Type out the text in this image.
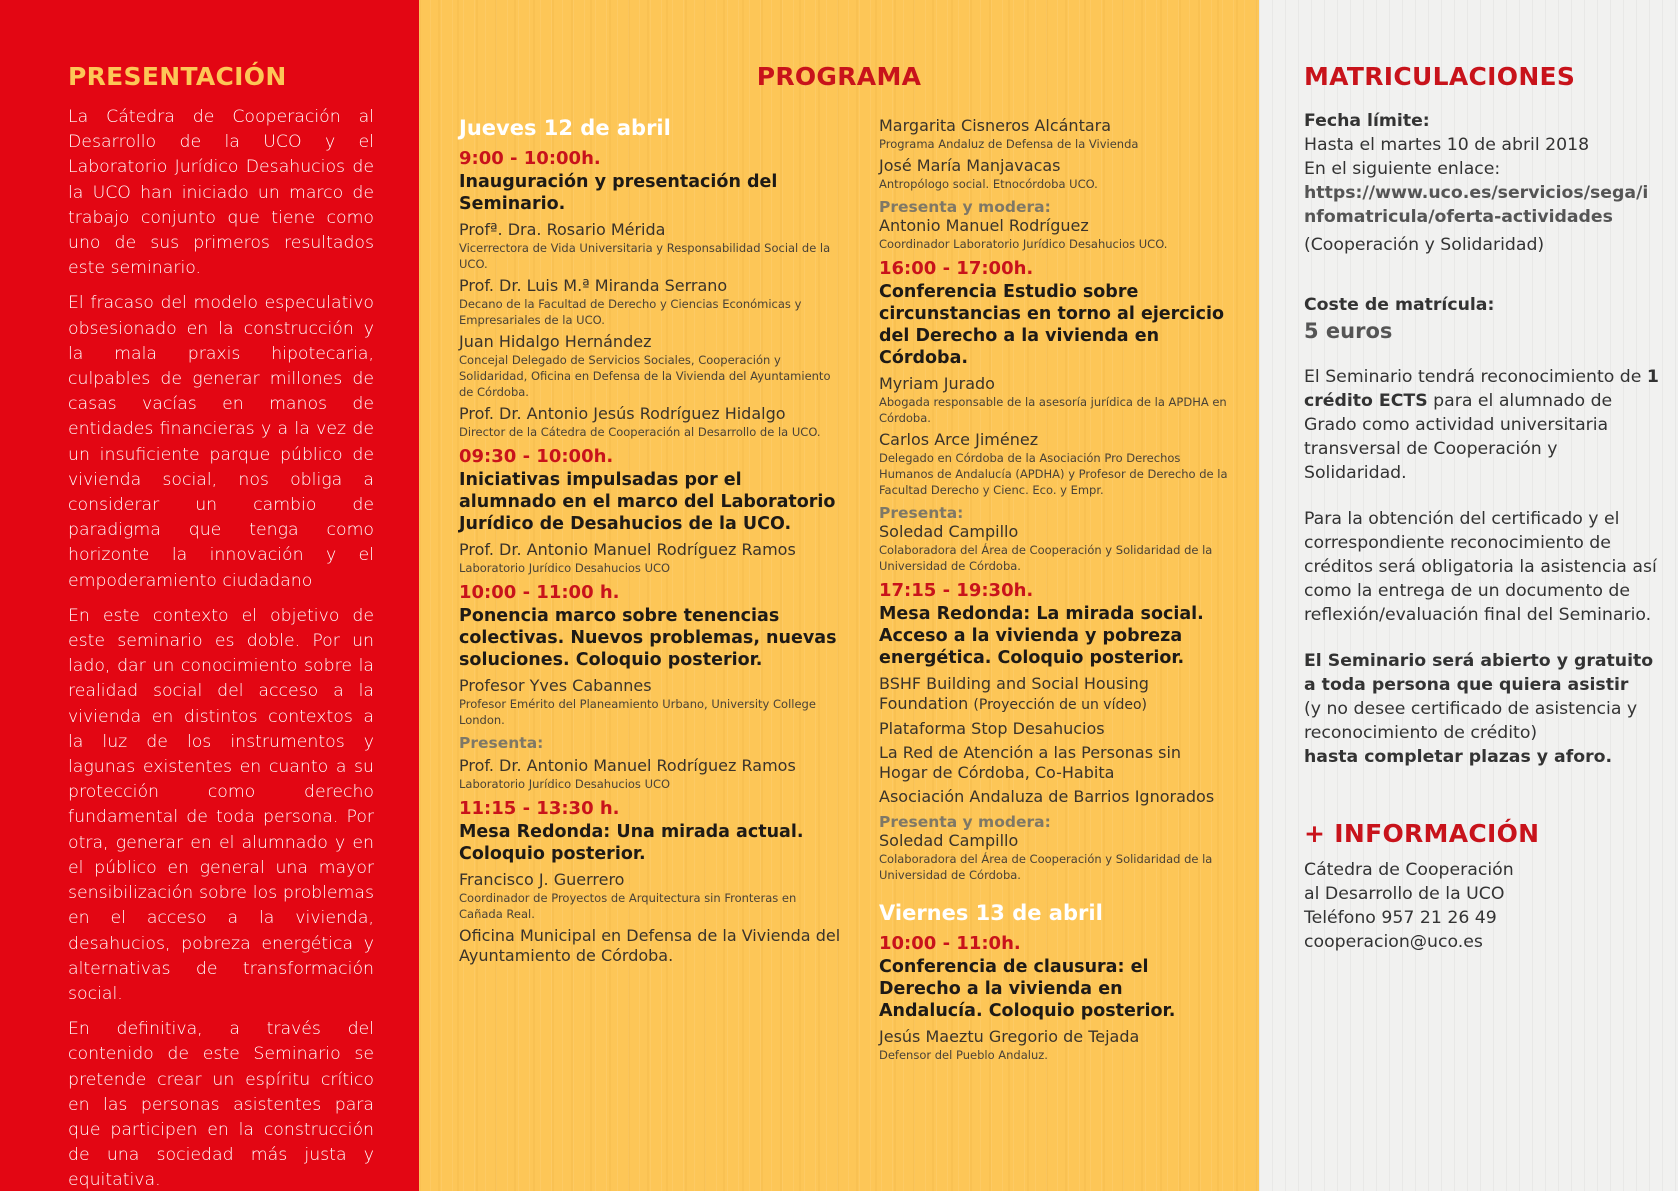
PRESENTACIÓN

La Cátedra de Cooperación al Desarrollo de la UCO y el Laboratorio Jurídico Desahucios de la UCO han iniciado un marco de trabajo conjunto que tiene como uno de sus primeros resultados este seminario.

El fracaso del modelo especulativo obsesionado en la construcción y la mala praxis hipotecaria, culpables de generar millones de casas vacías en manos de entidades financieras y a la vez de un insuficiente parque público de vivienda social, nos obliga a considerar un cambio de paradigma que tenga como horizonte la innovación y el empoderamiento ciudadano

En este contexto el objetivo de este seminario es doble. Por un lado, dar un conocimiento sobre la realidad social del acceso a la vivienda en distintos contextos a la luz de los instrumentos y lagunas existentes en cuanto a su protección como derecho fundamental de toda persona. Por otra, generar en el alumnado y en el público en general una mayor sensibilización sobre los problemas en el acceso a la vivienda, desahucios, pobreza energética y alternativas de transformación social.

En definitiva, a través del contenido de este Seminario se pretende crear un espíritu crítico en las personas asistentes para que participen en la construcción de una sociedad más justa y equitativa.

PROGRAMA
Jueves 12 de abril
9:00 - 10:00h.
Inauguración y presentación del Seminario.
Profª. Dra. Rosario Mérida
Vicerrectora de Vida Universitaria y Responsabilidad Social de la UCO.
Prof. Dr. Luis M.ª Miranda Serrano
Decano de la Facultad de Derecho y Ciencias Económicas y Empresariales de la UCO.
Juan Hidalgo Hernández
Concejal Delegado de Servicios Sociales, Cooperación y Solidaridad, Oficina en Defensa de la Vivienda del Ayuntamiento de Córdoba.
Prof. Dr. Antonio Jesús Rodríguez Hidalgo
Director de la Cátedra de Cooperación al Desarrollo de la UCO.
09:30 - 10:00h.
Iniciativas impulsadas por el alumnado en el marco del Laboratorio Jurídico de Desahucios de la UCO.
Prof. Dr. Antonio Manuel Rodríguez Ramos
Laboratorio Jurídico Desahucios UCO
10:00 - 11:00 h.
Ponencia marco sobre tenencias colectivas. Nuevos problemas, nuevas soluciones. Coloquio posterior.
Profesor Yves Cabannes
Profesor Emérito del Planeamiento Urbano, University College London.
Presenta:
Prof. Dr. Antonio Manuel Rodríguez Ramos
Laboratorio Jurídico Desahucios UCO
11:15 - 13:30 h.
Mesa Redonda: Una mirada actual. Coloquio posterior.
Francisco J. Guerrero
Coordinador de Proyectos de Arquitectura sin Fronteras en Cañada Real.
Oficina Municipal en Defensa de la Vivienda del Ayuntamiento de Córdoba.
Margarita Cisneros Alcántara
Programa Andaluz de Defensa de la Vivienda
José María Manjavacas
Antropólogo social. Etnocórdoba UCO.
Presenta y modera:
Antonio Manuel Rodríguez
Coordinador Laboratorio Jurídico Desahucios UCO.
16:00 - 17:00h.
Conferencia Estudio sobre circunstancias en torno al ejercicio del Derecho a la vivienda en Córdoba.
Myriam Jurado
Abogada responsable de la asesoría jurídica de la APDHA en Córdoba.
Carlos Arce Jiménez
Delegado en Córdoba de la Asociación Pro Derechos Humanos de Andalucía (APDHA) y Profesor de Derecho de la Facultad Derecho y Cienc. Eco. y Empr.
Presenta:
Soledad Campillo
Colaboradora del Área de Cooperación y Solidaridad de la Universidad de Córdoba.
17:15 - 19:30h.
Mesa Redonda: La mirada social. Acceso a la vivienda y pobreza energética. Coloquio posterior.
BSHF Building and Social Housing Foundation (Proyección de un vídeo)
Plataforma Stop Desahucios
La Red de Atención a las Personas sin Hogar de Córdoba, Co-Habita
Asociación Andaluza de Barrios Ignorados
Presenta y modera:
Soledad Campillo
Colaboradora del Área de Cooperación y Solidaridad de la Universidad de Córdoba.
Viernes 13 de abril
10:00 - 11:0h.
Conferencia de clausura: el Derecho a la vivienda en Andalucía. Coloquio posterior.
Jesús Maeztu Gregorio de Tejada
Defensor del Pueblo Andaluz.
MATRICULACIONES
Fecha límite:
Hasta el martes 10 de abril 2018
En el siguiente enlace:
https://www.uco.es/servicios/sega/infomatricula/oferta-actividades
(Cooperación y Solidaridad)
Coste de matrícula:
5 euros
El Seminario tendrá reconocimiento de 1 crédito ECTS para el alumnado de Grado como actividad universitaria transversal de Cooperación y Solidaridad.
Para la obtención del certificado y el correspondiente reconocimiento de créditos será obligatoria la asistencia así como la entrega de un documento de reflexión/evaluación final del Seminario.
El Seminario será abierto y gratuito a toda persona que quiera asistir
(y no desee certificado de asistencia y reconocimiento de crédito)
hasta completar plazas y aforo.
+ INFORMACIÓN
Cátedra de Cooperación
al Desarrollo de la UCO
Teléfono 957 21 26 49
cooperacion@uco.es
